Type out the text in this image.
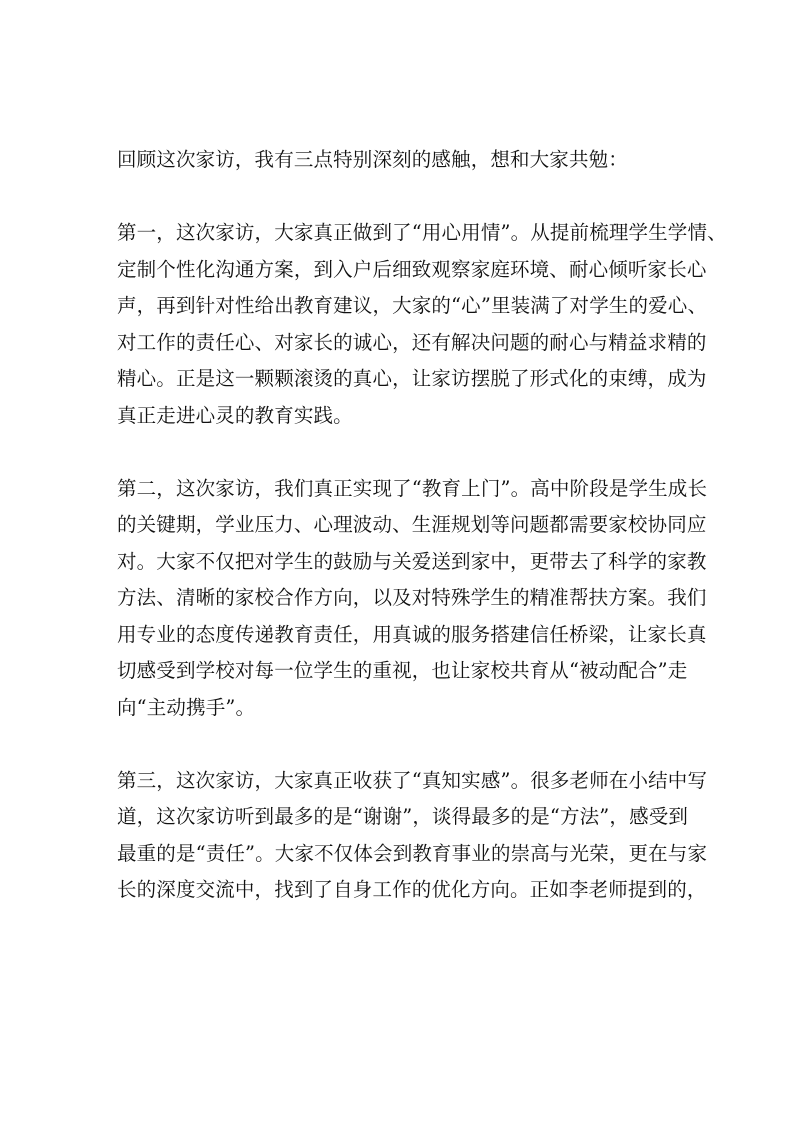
回顾这次家访，我有三点特别深刻的感触，想和大家共勉：
第一，这次家访，大家真正做到了“用心用情”。从提前梳理学生学情、
定制个性化沟通方案，到入户后细致观察家庭环境、耐心倾听家长心
声，再到针对性给出教育建议，大家的“心”里装满了对学生的爱心、
对工作的责任心、对家长的诚心，还有解决问题的耐心与精益求精的
精心。正是这一颗颗滚烫的真心，让家访摆脱了形式化的束缚，成为
真正走进心灵的教育实践。
第二，这次家访，我们真正实现了“教育上门”。高中阶段是学生成长
的关键期，学业压力、心理波动、生涯规划等问题都需要家校协同应
对。大家不仅把对学生的鼓励与关爱送到家中，更带去了科学的家教
方法、清晰的家校合作方向，以及对特殊学生的精准帮扶方案。我们
用专业的态度传递教育责任，用真诚的服务搭建信任桥梁，让家长真
切感受到学校对每一位学生的重视，也让家校共育从“被动配合”走
向“主动携手”。
第三，这次家访，大家真正收获了“真知实感”。很多老师在小结中写
道，这次家访听到最多的是“谢谢”，谈得最多的是“方法”，感受到
最重的是“责任”。大家不仅体会到教育事业的崇高与光荣，更在与家
长的深度交流中，找到了自身工作的优化方向。正如李老师提到的，
